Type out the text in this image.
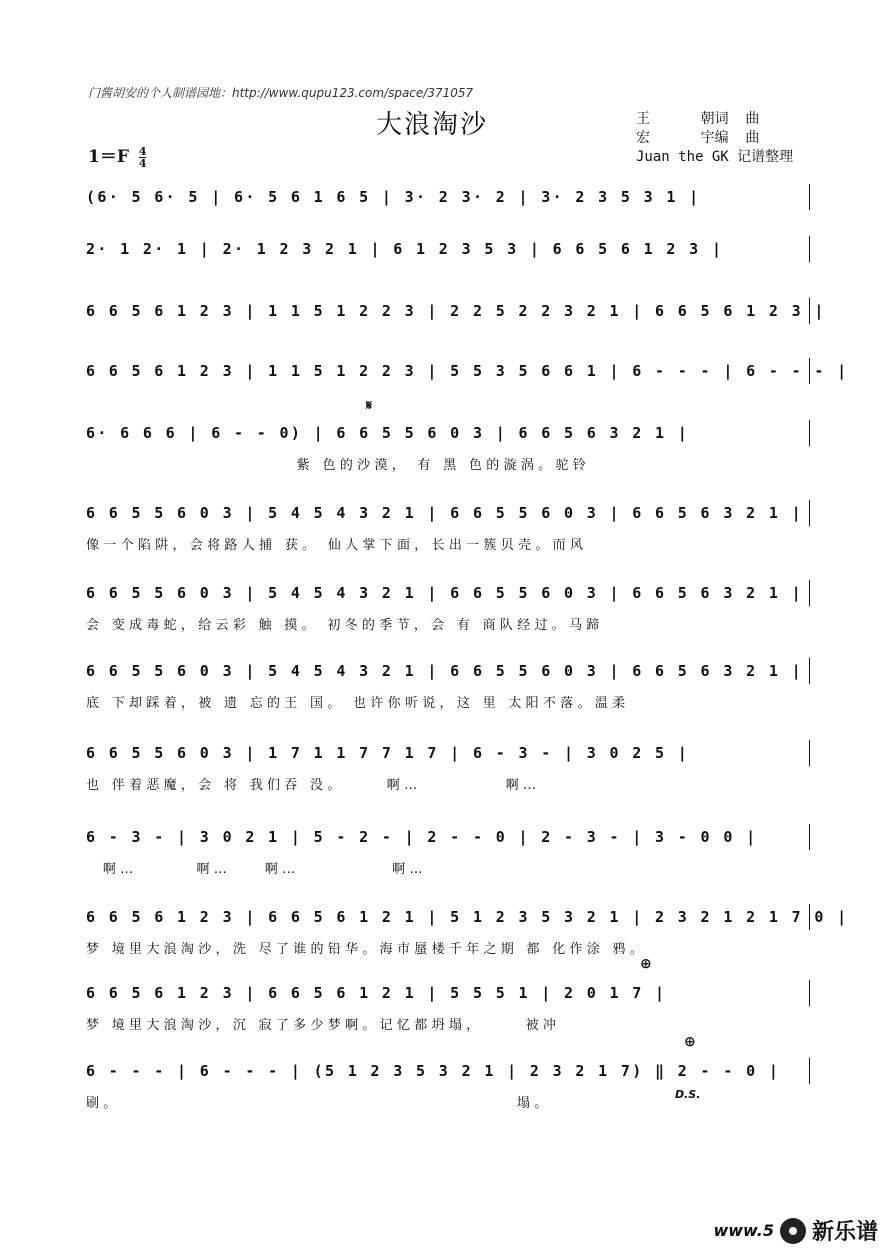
门酱胡安的个人制谱园地：http://www.qupu123.com/space/371057
大浪淘沙	王      朝词  曲
宏      宇编  曲
Juan the GK 记谱整理
$1=F \frac{4}{4}$
𝄋
⊕
⊕
D.S.
(6· 5 6· 5 | 6· 5 6 1 6 5 | 3· 2 3· 2 | 3· 2 3 5 3 1 |
2· 1 2· 1 | 2· 1 2 3 2 1 | 6 1 2 3 5 3 | 6 6 5 6 1 2 3 |
6 6 5 6 1 2 3 | 1 1 5 1 2 2 3 | 2 2 5 2 2 3 2 1 | 6 6 5 6 1 2 3 |
6 6 5 6 1 2 3 | 1 1 5 1 2 2 3 | 5 5 3 5 6 6 1 | 6 - - - | 6 - - - |
6· 6 6 6 | 6 - - 0) | 6 6 5 5 6 0 3 | 6 6 5 6 3 2 1 |
紫 色的沙漠， 有 黑 色的漩涡。驼铃
6 6 5 5 6 0 3 | 5 4 5 4 3 2 1 | 6 6 5 5 6 0 3 | 6 6 5 6 3 2 1 |
像一个陷阱，会将路人捕 获。 仙人掌下面，长出一簇贝壳。而风
6 6 5 5 6 0 3 | 5 4 5 4 3 2 1 | 6 6 5 5 6 0 3 | 6 6 5 6 3 2 1 |
会 变成毒蛇，给云彩 触 摸。 初冬的季节，会 有 商队经过。马蹄
6 6 5 5 6 0 3 | 5 4 5 4 3 2 1 | 6 6 5 5 6 0 3 | 6 6 5 6 3 2 1 |
底 下却踩着，被 遗 忘的王 国。 也许你听说，这 里 太阳不落。温柔
6 6 5 5 6 0 3 | 1 7 1 1 7 7 1 7 | 6 - 3 - | 3 0 2 5 |
也 伴着恶魔，会 将 我们吞 没。     啊…          啊…
6 - 3 - | 3 0 2 1 | 5 - 2 - | 2 - - 0 | 2 - 3 - | 3 - 0 0 |
啊…       啊…    啊…           啊…
6 6 5 6 1 2 3 | 6 6 5 6 1 2 1 | 5 1 2 3 5 3 2 1 | 2 3 2 1 2 1 7 0 |
梦 境里大浪淘沙，洗 尽了谁的铅华。海市蜃楼千年之期 都 化作涂 鸦。
6 6 5 6 1 2 3 | 6 6 5 6 1 2 1 | 5 5 5 1 | 2 0 1 7 |
梦 境里大浪淘沙，沉 寂了多少梦啊。记忆都坍塌，     被冲
6 - - - | 6 - - - | (5 1 2 3 5 3 2 1 | 2 3 2 1 7) ‖ 2 - - 0 |
刷。                                               塌。
www.5 新乐谱
